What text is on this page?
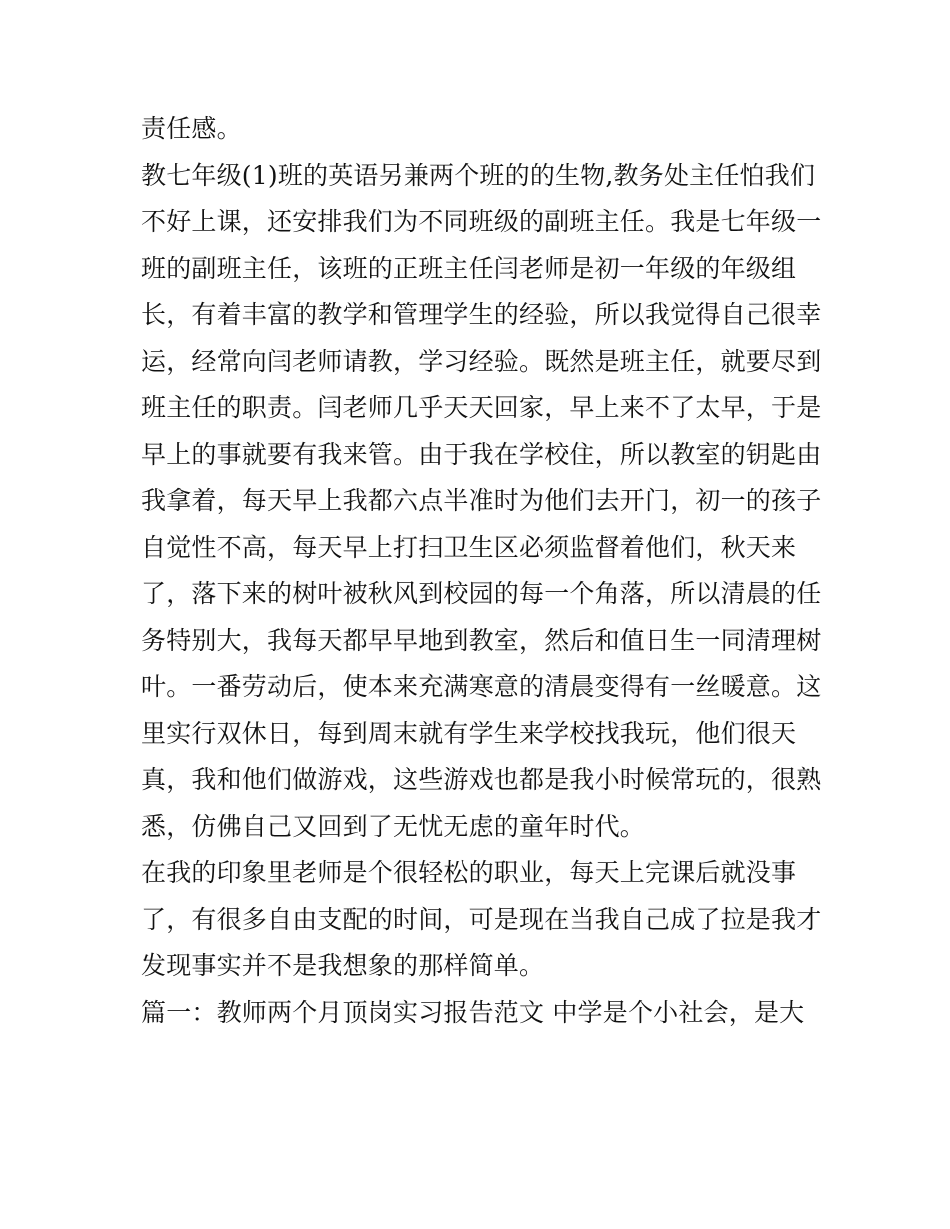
责任感。
教七年级(1)班的英语另兼两个班的的生物,教务处主任怕我们
不好上课，还安排我们为不同班级的副班主任。我是七年级一
班的副班主任，该班的正班主任闫老师是初一年级的年级组
长，有着丰富的教学和管理学生的经验，所以我觉得自己很幸
运，经常向闫老师请教，学习经验。既然是班主任，就要尽到
班主任的职责。闫老师几乎天天回家，早上来不了太早，于是
早上的事就要有我来管。由于我在学校住，所以教室的钥匙由
我拿着，每天早上我都六点半准时为他们去开门，初一的孩子
自觉性不高，每天早上打扫卫生区必须监督着他们，秋天来
了，落下来的树叶被秋风到校园的每一个角落，所以清晨的任
务特别大，我每天都早早地到教室，然后和值日生一同清理树
叶。一番劳动后，使本来充满寒意的清晨变得有一丝暖意。这
里实行双休日，每到周末就有学生来学校找我玩，他们很天
真，我和他们做游戏，这些游戏也都是我小时候常玩的，很熟
悉，仿佛自己又回到了无忧无虑的童年时代。
在我的印象里老师是个很轻松的职业，每天上完课后就没事
了，有很多自由支配的时间，可是现在当我自己成了拉是我才
发现事实并不是我想象的那样简单。
篇一：教师两个月顶岗实习报告范文 中学是个小社会，是大
